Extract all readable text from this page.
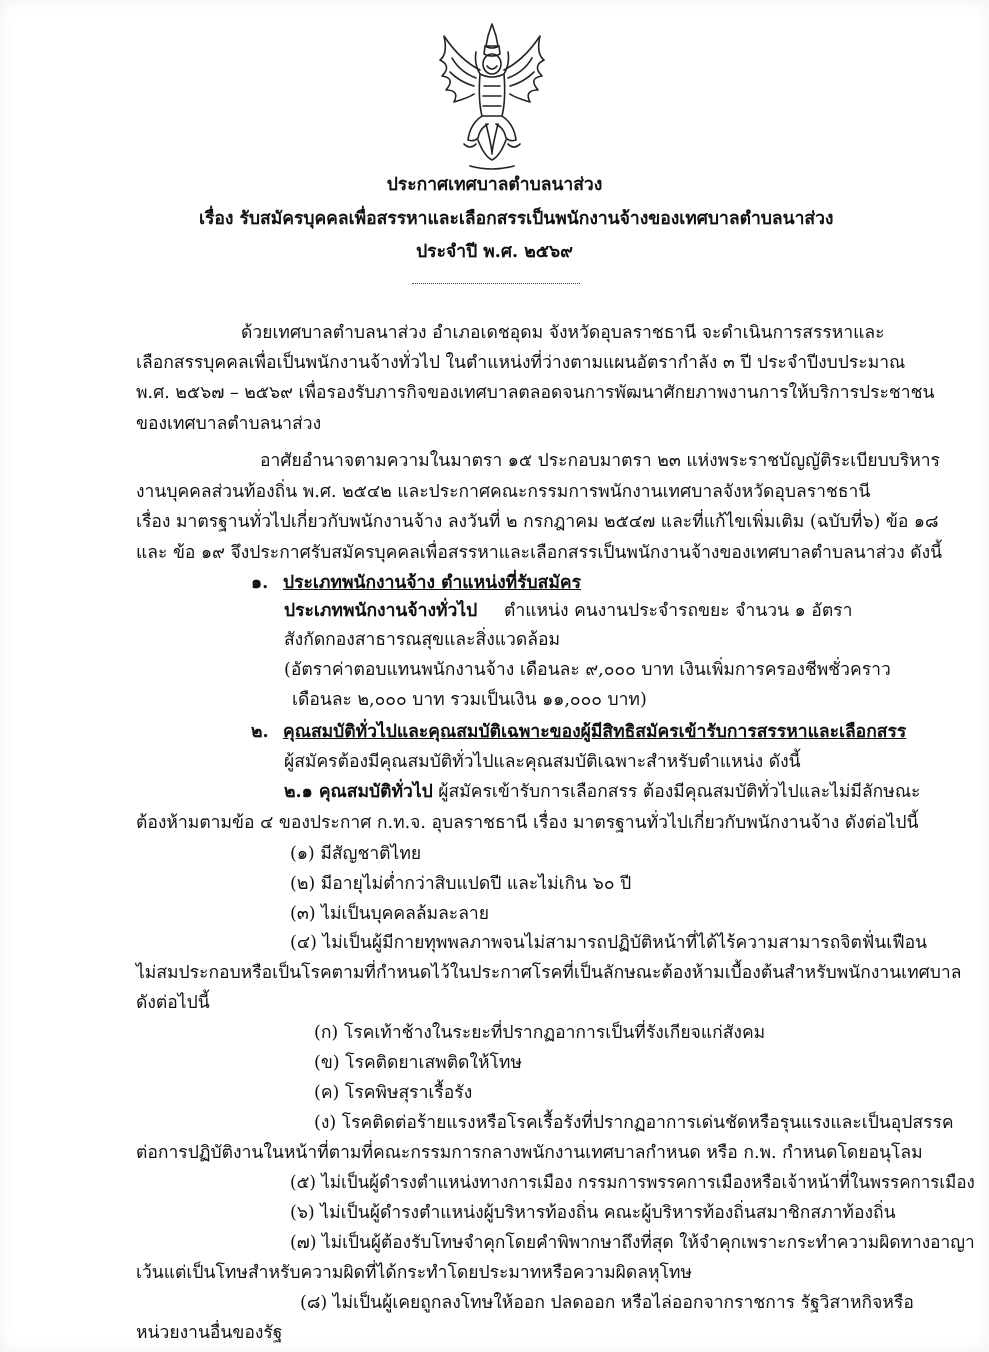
ประกาศเทศบาลตำบลนาส่วง
เรื่อง รับสมัครบุคคลเพื่อสรรหาและเลือกสรรเป็นพนักงานจ้างของเทศบาลตำบลนาส่วง
ประจำปี พ.ศ. ๒๕๖๙
ด้วยเทศบาลตำบลนาส่วง อำเภอเดชอุดม จังหวัดอุบลราชธานี จะดำเนินการสรรหาและ
เลือกสรรบุคคลเพื่อเป็นพนักงานจ้างทั่วไป ในตำแหน่งที่ว่างตามแผนอัตรากำลัง ๓ ปี ประจำปีงบประมาณ
พ.ศ. ๒๕๖๗ – ๒๕๖๙ เพื่อรองรับภารกิจของเทศบาลตลอดจนการพัฒนาศักยภาพงานการให้บริการประชาชน
ของเทศบาลตำบลนาส่วง
อาศัยอำนาจตามความในมาตรา ๑๕ ประกอบมาตรา ๒๓ แห่งพระราชบัญญัติระเบียบบริหาร
งานบุคคลส่วนท้องถิ่น พ.ศ. ๒๕๔๒ และประกาศคณะกรรมการพนักงานเทศบาลจังหวัดอุบลราชธานี
เรื่อง มาตรฐานทั่วไปเกี่ยวกับพนักงานจ้าง ลงวันที่ ๒ กรกฎาคม ๒๕๔๗ และที่แก้ไขเพิ่มเติม (ฉบับที่๖) ข้อ ๑๘
และ ข้อ ๑๙ จึงประกาศรับสมัครบุคคลเพื่อสรรหาและเลือกสรรเป็นพนักงานจ้างของเทศบาลตำบลนาส่วง ดังนี้
๑. ประเภทพนักงานจ้าง ตำแหน่งที่รับสมัคร
ประเภทพนักงานจ้างทั่วไป ตำแหน่ง คนงานประจำรถขยะ จำนวน ๑ อัตรา
สังกัดกองสาธารณสุขและสิ่งแวดล้อม
(อัตราค่าตอบแทนพนักงานจ้าง เดือนละ ๙,๐๐๐ บาท เงินเพิ่มการครองชีพชั่วคราว
เดือนละ ๒,๐๐๐ บาท รวมเป็นเงิน ๑๑,๐๐๐ บาท)
๒. คุณสมบัติทั่วไปและคุณสมบัติเฉพาะของผู้มีสิทธิสมัครเข้ารับการสรรหาและเลือกสรร
ผู้สมัครต้องมีคุณสมบัติทั่วไปและคุณสมบัติเฉพาะสำหรับตำแหน่ง ดังนี้
๒.๑ คุณสมบัติทั่วไป ผู้สมัครเข้ารับการเลือกสรร ต้องมีคุณสมบัติทั่วไปและไม่มีลักษณะ
ต้องห้ามตามข้อ ๔ ของประกาศ ก.ท.จ. อุบลราชธานี เรื่อง มาตรฐานทั่วไปเกี่ยวกับพนักงานจ้าง ดังต่อไปนี้
(๑) มีสัญชาติไทย
(๒) มีอายุไม่ต่ำกว่าสิบแปดปี และไม่เกิน ๖๐ ปี
(๓) ไม่เป็นบุคคลล้มละลาย
(๔) ไม่เป็นผู้มีกายทุพพลภาพจนไม่สามารถปฏิบัติหน้าที่ได้ไร้ความสามารถจิตฟั่นเฟือน
ไม่สมประกอบหรือเป็นโรคตามที่กำหนดไว้ในประกาศโรคที่เป็นลักษณะต้องห้ามเบื้องต้นสำหรับพนักงานเทศบาล
ดังต่อไปนี้
(ก) โรคเท้าช้างในระยะที่ปรากฏอาการเป็นที่รังเกียจแก่สังคม
(ข) โรคติดยาเสพติดให้โทษ
(ค) โรคพิษสุราเรื้อรัง
(ง) โรคติดต่อร้ายแรงหรือโรคเรื้อรังที่ปรากฏอาการเด่นชัดหรือรุนแรงและเป็นอุปสรรค
ต่อการปฏิบัติงานในหน้าที่ตามที่คณะกรรมการกลางพนักงานเทศบาลกำหนด หรือ ก.พ. กำหนดโดยอนุโลม
(๕) ไม่เป็นผู้ดำรงตำแหน่งทางการเมือง กรรมการพรรคการเมืองหรือเจ้าหน้าที่ในพรรคการเมือง
(๖) ไม่เป็นผู้ดำรงตำแหน่งผู้บริหารท้องถิ่น คณะผู้บริหารท้องถิ่นสมาชิกสภาท้องถิ่น
(๗) ไม่เป็นผู้ต้องรับโทษจำคุกโดยคำพิพากษาถึงที่สุด ให้จำคุกเพราะกระทำความผิดทางอาญา
เว้นแต่เป็นโทษสำหรับความผิดที่ได้กระทำโดยประมาทหรือความผิดลหุโทษ
(๘) ไม่เป็นผู้เคยถูกลงโทษให้ออก ปลดออก หรือไล่ออกจากราชการ รัฐวิสาหกิจหรือ
หน่วยงานอื่นของรัฐ
